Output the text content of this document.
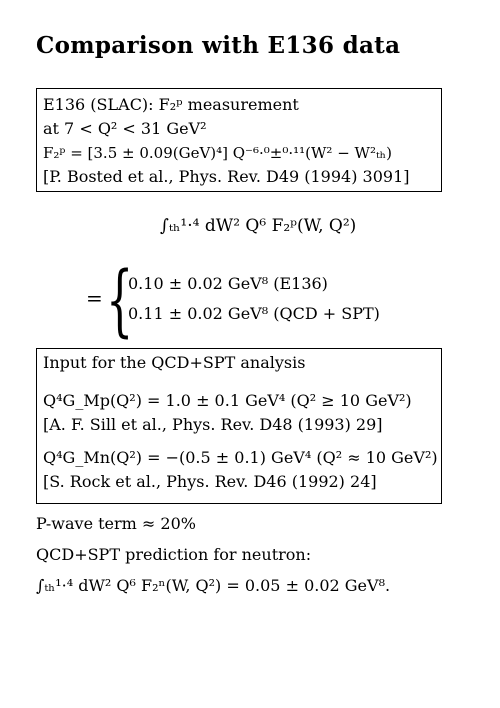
Comparison with E136 data
E136 (SLAC): F₂ᵖ measurement
at 7 < Q² < 31 GeV²
F₂ᵖ = [3.5 ± 0.09(GeV)⁴] Q⁻⁶·⁰±⁰·¹¹(W² − W²ₜₕ)
[P. Bosted et al., Phys. Rev. D49 (1994) 3091]
∫ₜₕ¹·⁴ dW² Q⁶ F₂ᵖ(W, Q²)
= {
0.10 ± 0.02 GeV⁸ (E136)
0.11 ± 0.02 GeV⁸ (QCD + SPT)
Input for the QCD+SPT analysis
Q⁴G_Mp(Q²) = 1.0 ± 0.1 GeV⁴ (Q² ≥ 10 GeV²)
[A. F. Sill et al., Phys. Rev. D48 (1993) 29]
Q⁴G_Mn(Q²) = −(0.5 ± 0.1) GeV⁴ (Q² ≈ 10 GeV²)
[S. Rock et al., Phys. Rev. D46 (1992) 24]
P-wave term ≈ 20%
QCD+SPT prediction for neutron:
∫ₜₕ¹·⁴ dW² Q⁶ F₂ⁿ(W, Q²) = 0.05 ± 0.02 GeV⁸.
